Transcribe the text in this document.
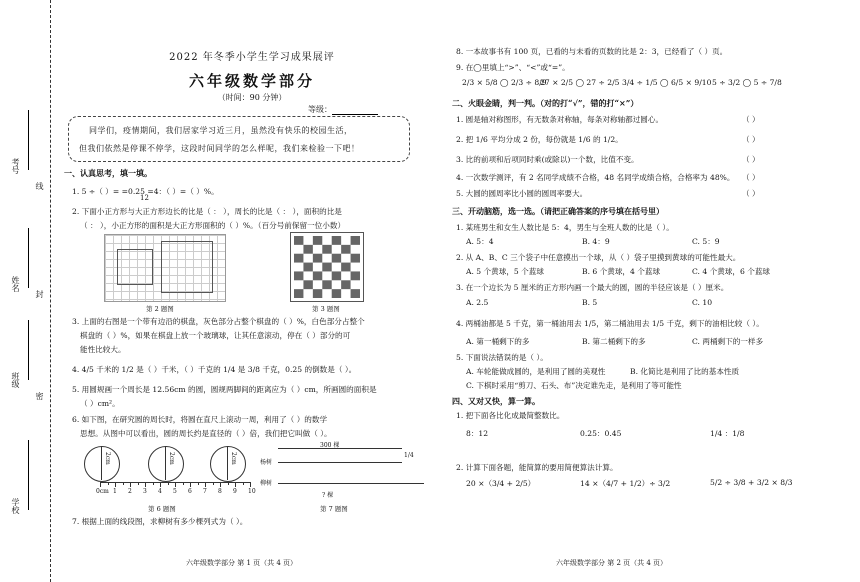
考号
姓名
班级
学校
线
封
密
2022 年冬季小学生学习成果展评
六年级数学部分
（时间：90 分钟）
等级：
同学们，疫情期间，我们居家学习近三月，虽然没有快乐的校园生活，
但我们依然是停课不停学，这段时间同学的怎么样呢，我们来检验一下吧！
一、认真思考，填一填。
1. 5 ÷（ ）= =0.25 =4：（ ）=（ ）%。
12
2. 下面小正方形与大正方形边长的比是（ ： ），周长的比是（ ： ），面积的比是
（ ： ），小正方形的面积是大正方形面积的（ ）%。（百分号前保留一位小数）
第 2 题图	第 3 题图
3. 上面的右图是一个带有边沿的棋盘，灰色部分占整个棋盘的（ ）%，白色部分占整个
棋盘的（ ）%，如果在棋盘上放一个玻璃球，让其任意滚动，停在（ ）部分的可
能性比较大。
4. 4/5 千米的 1/2 是（ ）千米，（ ）千克的 1/4 是 3/8 千克，0.25 的倒数是（ ）。
5. 用圆规画一个周长是 12.56cm 的圆，圆规两脚间的距离应为（ ）cm，所画圆的面积是
（ ）cm²。
6. 如下图，在研究圆的周长时，将圆在直尺上滚动一周，利用了（ ）的数学
思想。从图中可以看出，圆的周长约是直径的（ ）倍，我们把它叫做（ ）。
2cm	2cm	2cm
1 2 3 4 5 6 7 8 9 10
0cm
第 6 题图
300 棵
杨树
1/4
柳树
? 棵
第 7 题图
7. 根据上面的线段图，求柳树有多少棵列式为（ ）。
六年级数学部分 第 1 页（共 4 页）
8. 一本故事书有 100 页，已看的与未看的页数的比是 2：3，已经看了（ ）页。
9. 在◯里填上“>”、“<”或“=”。
2/3 × 5/8 ◯ 2/3 ÷ 8/9
27 × 2/5 ◯ 27 ÷ 2/5 3/4 ÷ 1/5 ◯ 6/5 × 9/10 5 ÷ 3/2 ◯ 5 ÷ 7/8
二、火眼金睛，判一判。（对的打“√”，错的打“×”）
1. 圆是轴对称图形，有无数条对称轴，每条对称轴都过圆心。	（ ）
2. 把 1/6 平均分成 2 份，每份就是 1/6 的 1/2。	（ ）
3. 比的前项和后项同时乘(或除以)一个数，比值不变。	（ ）
4. 一次数学测评，有 2 名同学成绩不合格，48 名同学成绩合格，合格率为 48%。 （ ）
5. 大圆的圆周率比小圆的圆周率要大。	（ ）
三、开动脑筋，选一选。（请把正确答案的序号填在括号里）
1. 某班男生和女生人数比是 5：4，男生与全班人数的比是（ ）。
A. 5：4	B. 4：9	C. 5：9
2. 从 A、B、C 三个袋子中任意摸出一个球，从（ ）袋子里摸到黄球的可能性最大。
A. 5 个黄球，5 个蓝球	B. 6 个黄球，4 个蓝球	C. 4 个黄球，6 个蓝球
3. 在一个边长为 5 厘米的正方形内画一个最大的圆，圆的半径应该是（ ）厘米。
A. 2.5	B. 5	C. 10
4. 两桶油都是 5 千克，第一桶油用去 1/5，第二桶油用去 1/5 千克，剩下的油相比较（ ）。
A. 第一桶剩下的多	B. 第二桶剩下的多	C. 两桶剩下的一样多
5. 下面说法错误的是（ ）。
A. 车轮能做成圆的，是利用了圆的美观性	B. 化简比是利用了比的基本性质
C. 下棋时采用“剪刀、石头、布”决定谁先走，是利用了等可能性
四、又对又快，算一算。
1. 把下面各比化成最简整数比。
8：12	0.25：0.45	1/4 ：1/8
2. 计算下面各题，能简算的要用简便算法计算。
20 ×（3/4 + 2/5）	14 ×（4/7 + 1/2）÷ 3/2	5/2 ÷ 3/8 + 3/2 × 8/3
六年级数学部分 第 2 页（共 4 页）
